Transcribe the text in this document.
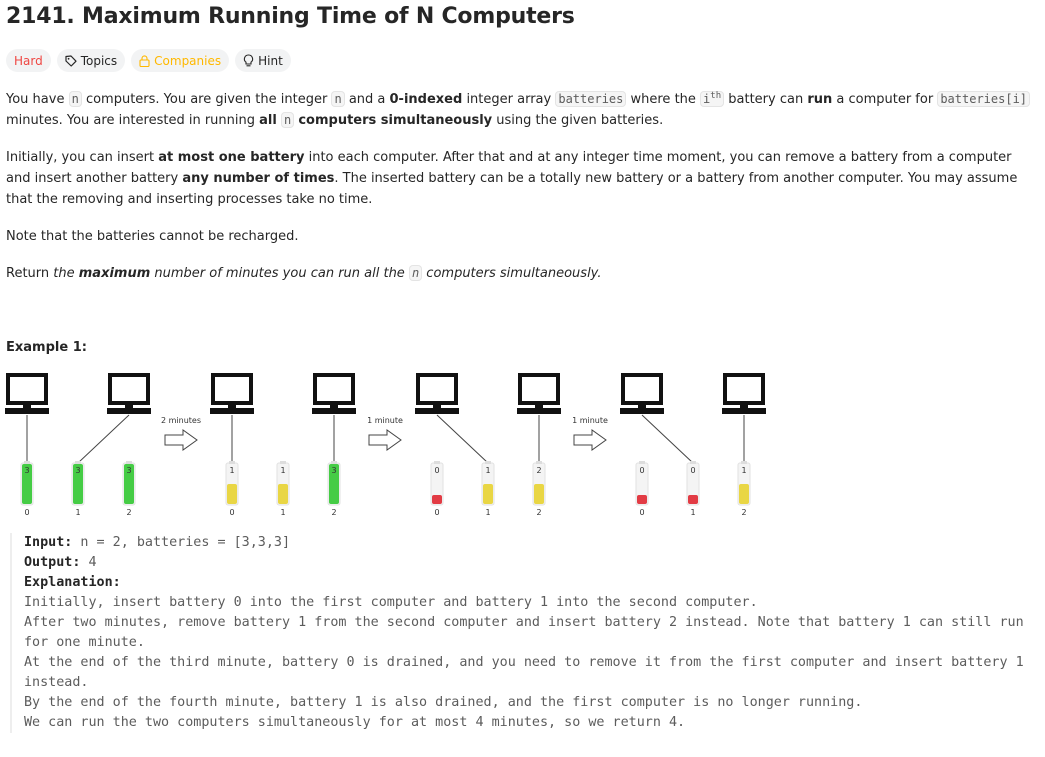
2141. Maximum Running Time of N Computers
Hard	Topics	Companies	Hint
You have n computers. You are given the integer n and a 0-indexed integer array batteries where the $i^{th}$ battery can run a computer for batteries[i] minutes. You are interested in running all n computers simultaneously using the given batteries.
Initially, you can insert at most one battery into each computer. After that and at any integer time moment, you can remove a battery from a computer and insert another battery any number of times. The inserted battery can be a totally new battery or a battery from another computer. You may assume that the removing and inserting processes take no time.
Note that the batteries cannot be recharged.
Return the maximum number of minutes you can run all the n computers simultaneously.
Example 1:
3
0
3
1
3
2
1
0
1
1
3
2
0
0
1
1
2
2
0
0
0
1
1
2
2 minutes	1 minute	1 minute
Input: n = 2, batteries = [3,3,3]
Output: 4
Explanation:
Initially, insert battery 0 into the first computer and battery 1 into the second computer.
After two minutes, remove battery 1 from the second computer and insert battery 2 instead. Note that battery 1 can still run for one minute.
At the end of the third minute, battery 0 is drained, and you need to remove it from the first computer and insert battery 1 instead.
By the end of the fourth minute, battery 1 is also drained, and the first computer is no longer running.
We can run the two computers simultaneously for at most 4 minutes, so we return 4.
